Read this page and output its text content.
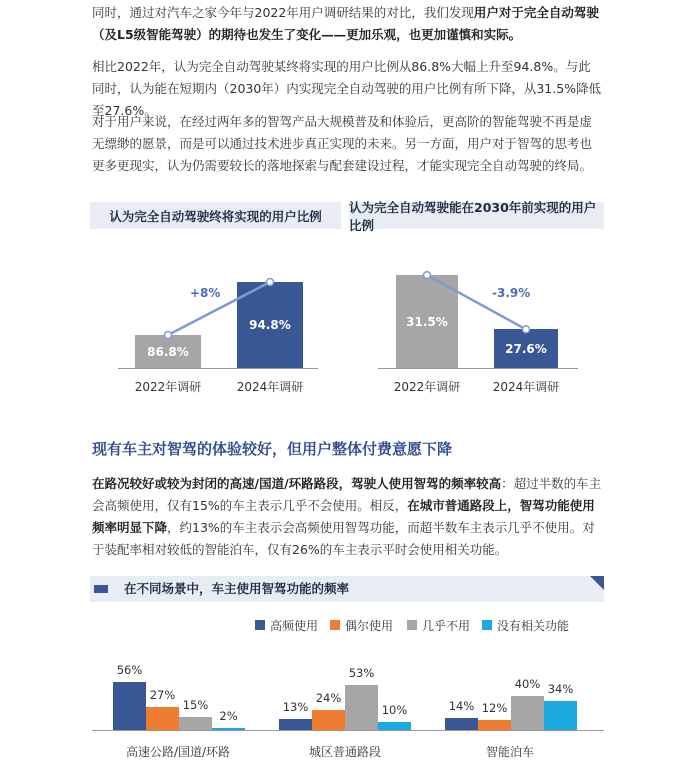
同时，通过对汽车之家今年与2022年用户调研结果的对比，我们发现用户对于完全自动驾驶（及L5级智能驾驶）的期待也发生了变化——更加乐观，也更加谨慎和实际。

相比2022年，认为完全自动驾驶某终将实现的用户比例从86.8%大幅上升至94.8%。与此同时，认为能在短期内（2030年）内实现完全自动驾驶的用户比例有所下降，从31.5%降低至27.6%。

对于用户来说，在经过两年多的智驾产品大规模普及和体验后，更高阶的智能驾驶不再是虚无缥缈的愿景，而是可以通过技术进步真正实现的未来。另一方面，用户对于智驾的思考也更多更现实，认为仍需要较长的落地探索与配套建设过程，才能实现完全自动驾驶的终局。

认为完全自动驾驶终将实现的用户比例
认为完全自动驾驶能在2030年前实现的用户比例
86.8%
94.8%
2022年调研	2024年调研
+8%
31.5%
27.6%
2022年调研	2024年调研
-3.9%
现有车主对智驾的体验较好，但用户整体付费意愿下降

在路况较好或较为封闭的高速/国道/环路路段，驾驶人使用智驾的频率较高：超过半数的车主会高频使用，仅有15%的车主表示几乎不会使用。相反，在城市普通路段上，智驾功能使用频率明显下降，约13%的车主表示会高频使用智驾功能，而超半数车主表示几乎不使用。对于装配率相对较低的智能泊车，仅有26%的车主表示平时会使用相关功能。

在不同场景中，车主使用智驾功能的频率
高频使用 偶尔使用 几乎不用 没有相关功能
56%
27%
15%
2%
13%
24%
53%
10%	14% 12%
40% 34%
高速公路/国道/环路	城区普通路段	智能泊车
